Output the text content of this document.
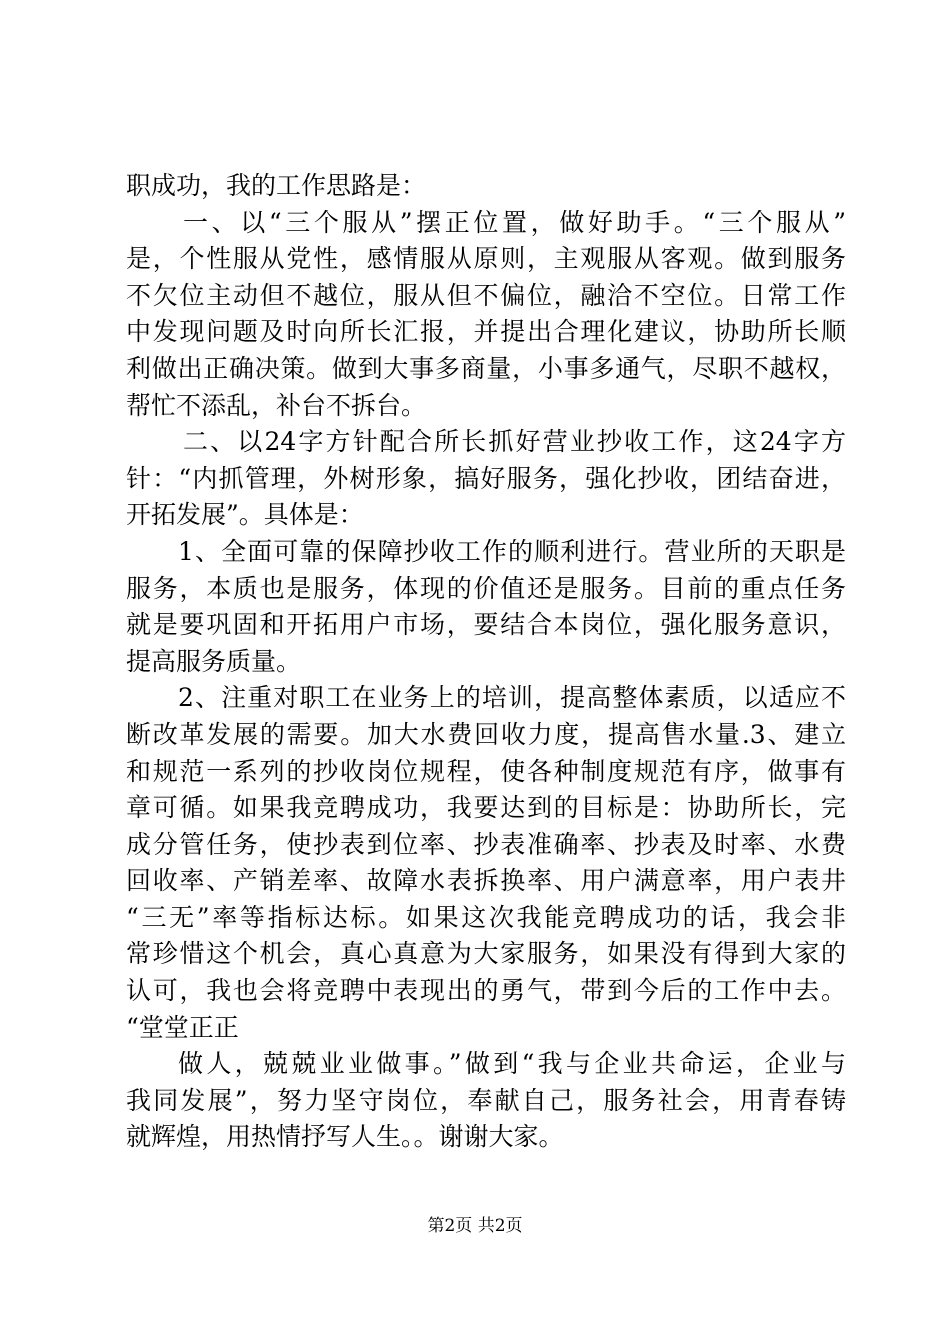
职成功，我的工作思路是：
一、以“三个服从”摆正位置，做好助手。“三个服从”
是，个性服从党性，感情服从原则，主观服从客观。做到服务
不欠位主动但不越位，服从但不偏位，融洽不空位。日常工作
中发现问题及时向所长汇报，并提出合理化建议，协助所长顺
利做出正确决策。做到大事多商量，小事多通气，尽职不越权，
帮忙不添乱，补台不拆台。
二、以24字方针配合所长抓好营业抄收工作，这24字方
针：“内抓管理，外树形象，搞好服务，强化抄收，团结奋进，
开拓发展”。具体是：
1、全面可靠的保障抄收工作的顺利进行。营业所的天职是
服务，本质也是服务，体现的价值还是服务。目前的重点任务
就是要巩固和开拓用户市场，要结合本岗位，强化服务意识，
提高服务质量。
2、注重对职工在业务上的培训，提高整体素质，以适应不
断改革发展的需要。加大水费回收力度，提高售水量.3、建立
和规范一系列的抄收岗位规程，使各种制度规范有序，做事有
章可循。如果我竞聘成功，我要达到的目标是：协助所长，完
成分管任务，使抄表到位率、抄表准确率、抄表及时率、水费
回收率、产销差率、故障水表拆换率、用户满意率，用户表井
“三无”率等指标达标。如果这次我能竞聘成功的话，我会非
常珍惜这个机会，真心真意为大家服务，如果没有得到大家的
认可，我也会将竞聘中表现出的勇气，带到今后的工作中去。
“堂堂正正
做人，兢兢业业做事。”做到“我与企业共命运，企业与
我同发展”，努力坚守岗位，奉献自己，服务社会，用青春铸
就辉煌，用热情抒写人生。。谢谢大家。
第2页 共2页
